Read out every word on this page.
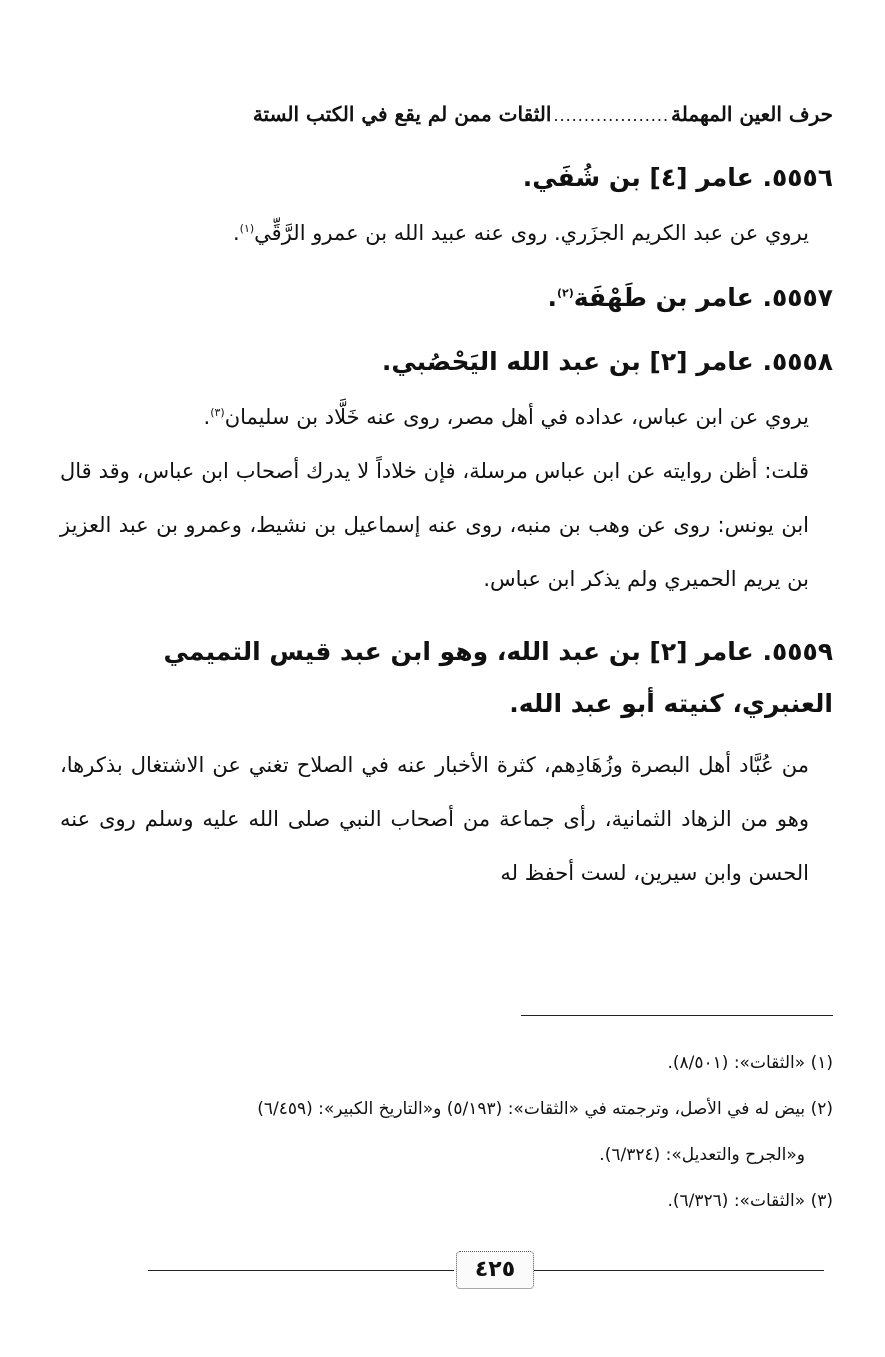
حرف العين المهملة
...................
الثقات ممن لم يقع في الكتب الستة
٥٥٥٦. عامر [٤] بن شُفَي.
يروي عن عبد الكريم الجزَري. روى عنه عبيد الله بن عمرو الرَّقِّي$^{(١)}$.
٥٥٥٧. عامر بن طَهْفَة$^{(٢)}$.
٥٥٥٨. عامر [٢] بن عبد الله اليَحْصُبي.
يروي عن ابن عباس، عداده في أهل مصر، روى عنه خَلَّاد بن سليمان$^{(٣)}$.
قلت: أظن روايته عن ابن عباس مرسلة، فإن خلاداً لا يدرك أصحاب ابن عباس، وقد قال ابن يونس: روى عن وهب بن منبه، روى عنه إسماعيل بن نشيط، وعمرو بن عبد العزيز بن يريم الحميري ولم يذكر ابن عباس.
٥٥٥٩. عامر [٢] بن عبد الله، وهو ابن عبد قيس التميمي العنبري، كنيته أبو عبد الله.
من عُبَّاد أهل البصرة وزُهَادِهم، كثرة الأخبار عنه في الصلاح تغني عن الاشتغال بذكرها، وهو من الزهاد الثمانية، رأى جماعة من أصحاب النبي صلى الله عليه وسلم روى عنه الحسن وابن سيرين، لست أحفظ له
(١) «الثقات»: (٨/٥٠١).
(٢) بيض له في الأصل، وترجمته في «الثقات»: (٥/١٩٣) و«التاريخ الكبير»: (٦/٤٥٩)
و«الجرح والتعديل»: (٦/٣٢٤).
(٣) «الثقات»: (٦/٣٢٦).
٤٢٥
